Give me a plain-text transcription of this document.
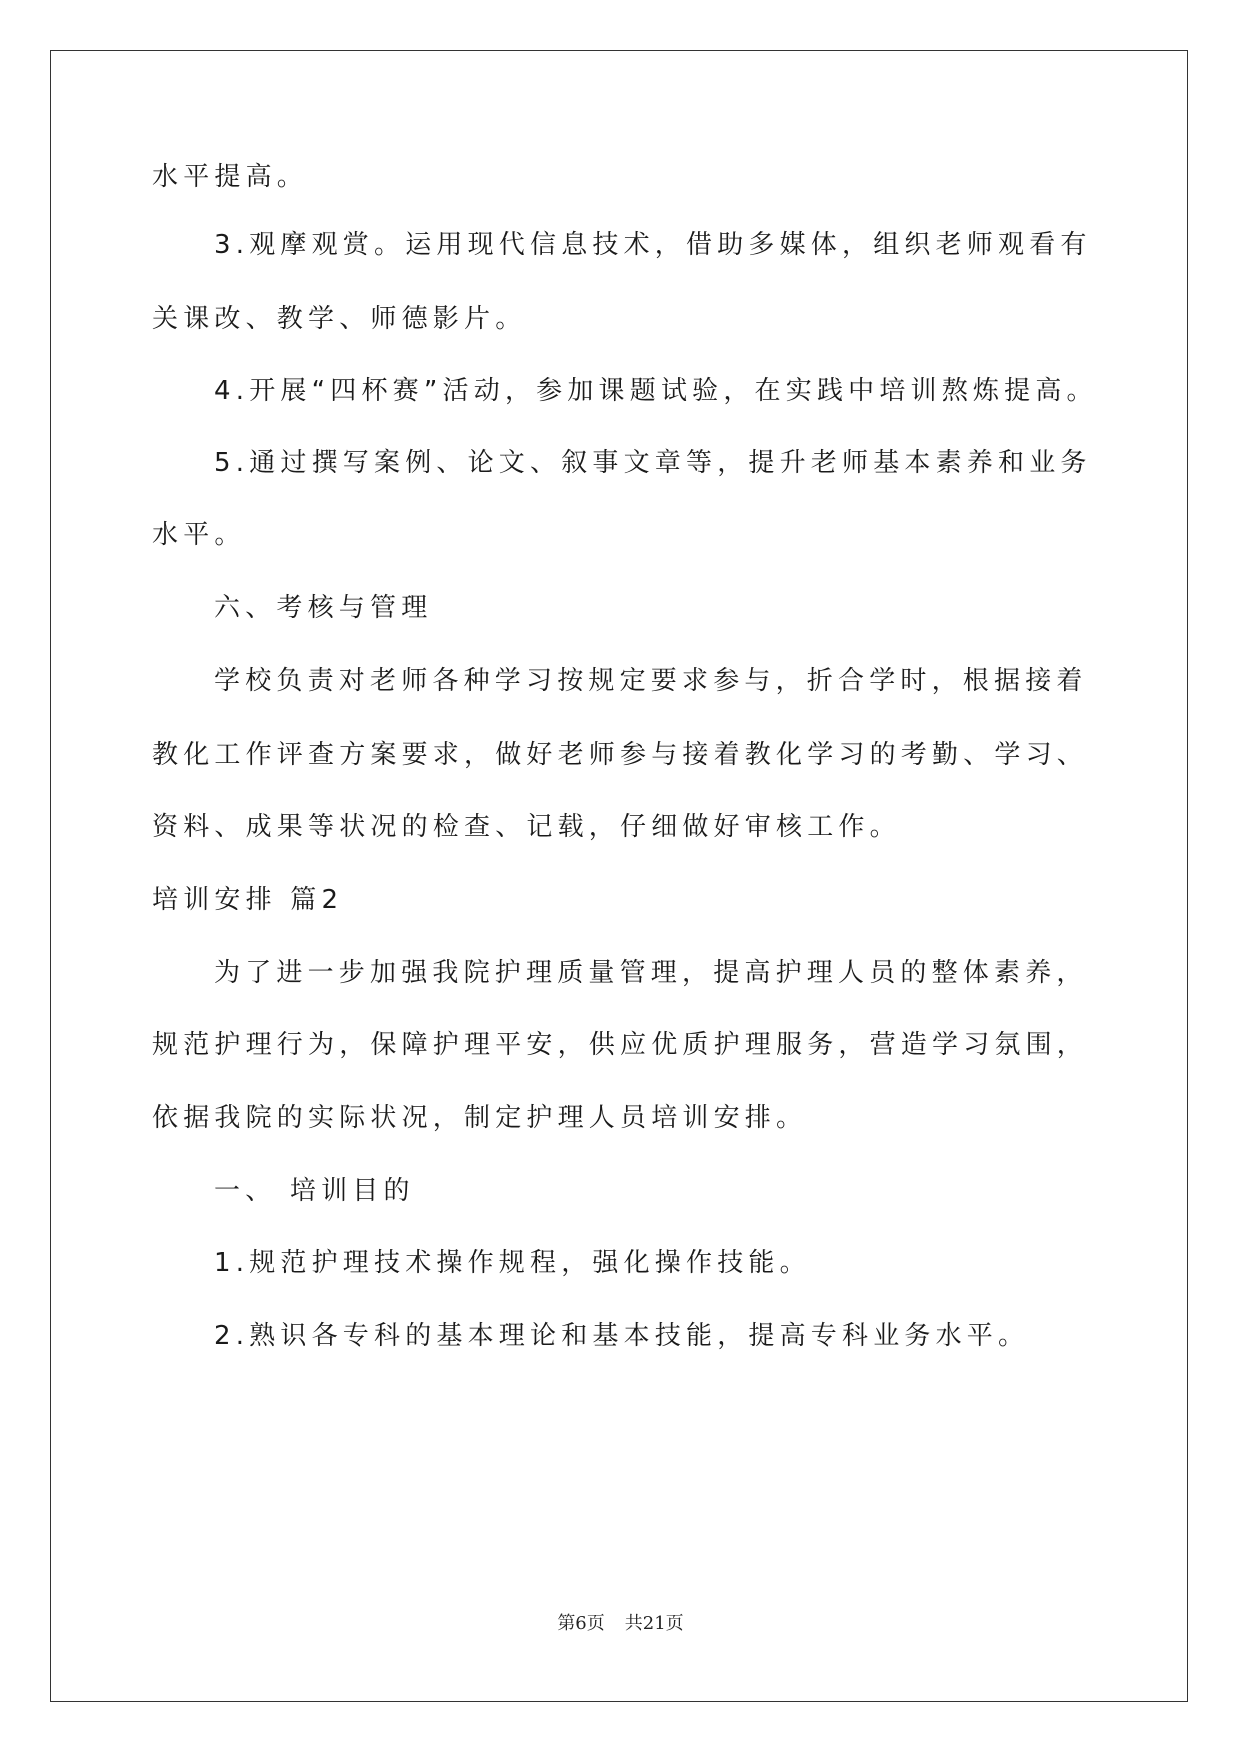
水平提高。
3.观摩观赏。运用现代信息技术，借助多媒体，组织老师观看有
关课改、教学、师德影片。
4.开展“四杯赛”活动，参加课题试验，在实践中培训熬炼提高。
5.通过撰写案例、论文、叙事文章等，提升老师基本素养和业务
水平。
六、考核与管理
学校负责对老师各种学习按规定要求参与，折合学时，根据接着
教化工作评查方案要求，做好老师参与接着教化学习的考勤、学习、
资料、成果等状况的检查、记载，仔细做好审核工作。
培训安排 篇2
为了进一步加强我院护理质量管理，提高护理人员的整体素养，
规范护理行为，保障护理平安，供应优质护理服务，营造学习氛围，
依据我院的实际状况，制定护理人员培训安排。
一、 培训目的
1.规范护理技术操作规程，强化操作技能。
2.熟识各专科的基本理论和基本技能，提高专科业务水平。
第6页 共21页
